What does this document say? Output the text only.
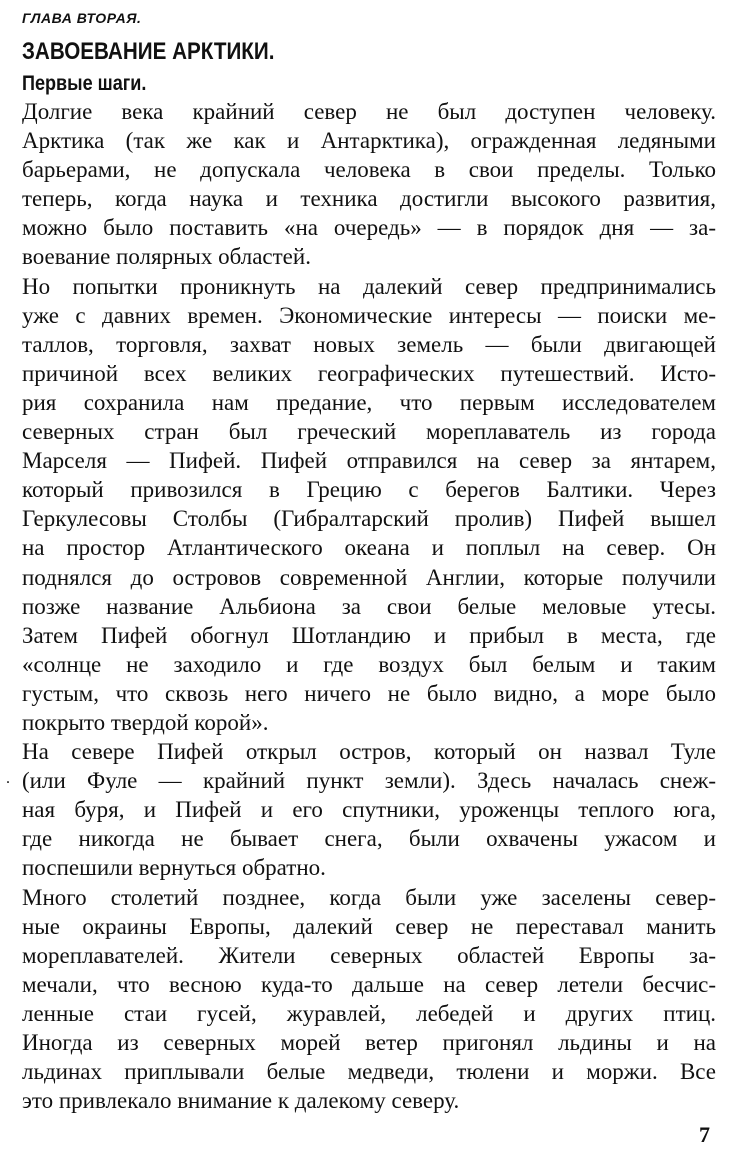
ГЛАВА ВТОРАЯ.
ЗАВОЕВАНИЕ АРКТИКИ.
Первые шаги.
.
Долгие века крайний север не был доступен человеку.
Арктика (так же как и Антарктика), огражденная ледяными
барьерами, не допускала человека в свои пределы. Только
теперь, когда наука и техника достигли высокого развития,
можно было поставить «на очередь» — в порядок дня — за-
воевание полярных областей.
Но попытки проникнуть на далекий север предпринимались
уже с давних времен. Экономические интересы — поиски ме-
таллов, торговля, захват новых земель — были двигающей
причиной всех великих географических путешествий. Исто-
рия сохранила нам предание, что первым исследователем
северных стран был греческий мореплаватель из города
Марселя — Пифей. Пифей отправился на север за янтарем,
который привозился в Грецию с берегов Балтики. Через
Геркулесовы Столбы (Гибралтарский пролив) Пифей вышел
на простор Атлантического океана и поплыл на север. Он
поднялся до островов современной Англии, которые получили
позже название Альбиона за свои белые меловые утесы.
Затем Пифей обогнул Шотландию и прибыл в места, где
«солнце не заходило и где воздух был белым и таким
густым, что сквозь него ничего не было видно, а море было
покрыто твердой корой».
На севере Пифей открыл остров, который он назвал Туле
(или Фуле — крайний пункт земли). Здесь началась снеж-
ная буря, и Пифей и его спутники, уроженцы теплого юга,
где никогда не бывает снега, были охвачены ужасом и
поспешили вернуться обратно.
Много столетий позднее, когда были уже заселены север-
ные окраины Европы, далекий север не переставал манить
мореплавателей. Жители северных областей Европы за-
мечали, что весною куда-то дальше на север летели бесчис-
ленные стаи гусей, журавлей, лебедей и других птиц.
Иногда из северных морей ветер пригонял льдины и на
льдинах приплывали белые медведи, тюлени и моржи. Все
это привлекало внимание к далекому северу.
7
